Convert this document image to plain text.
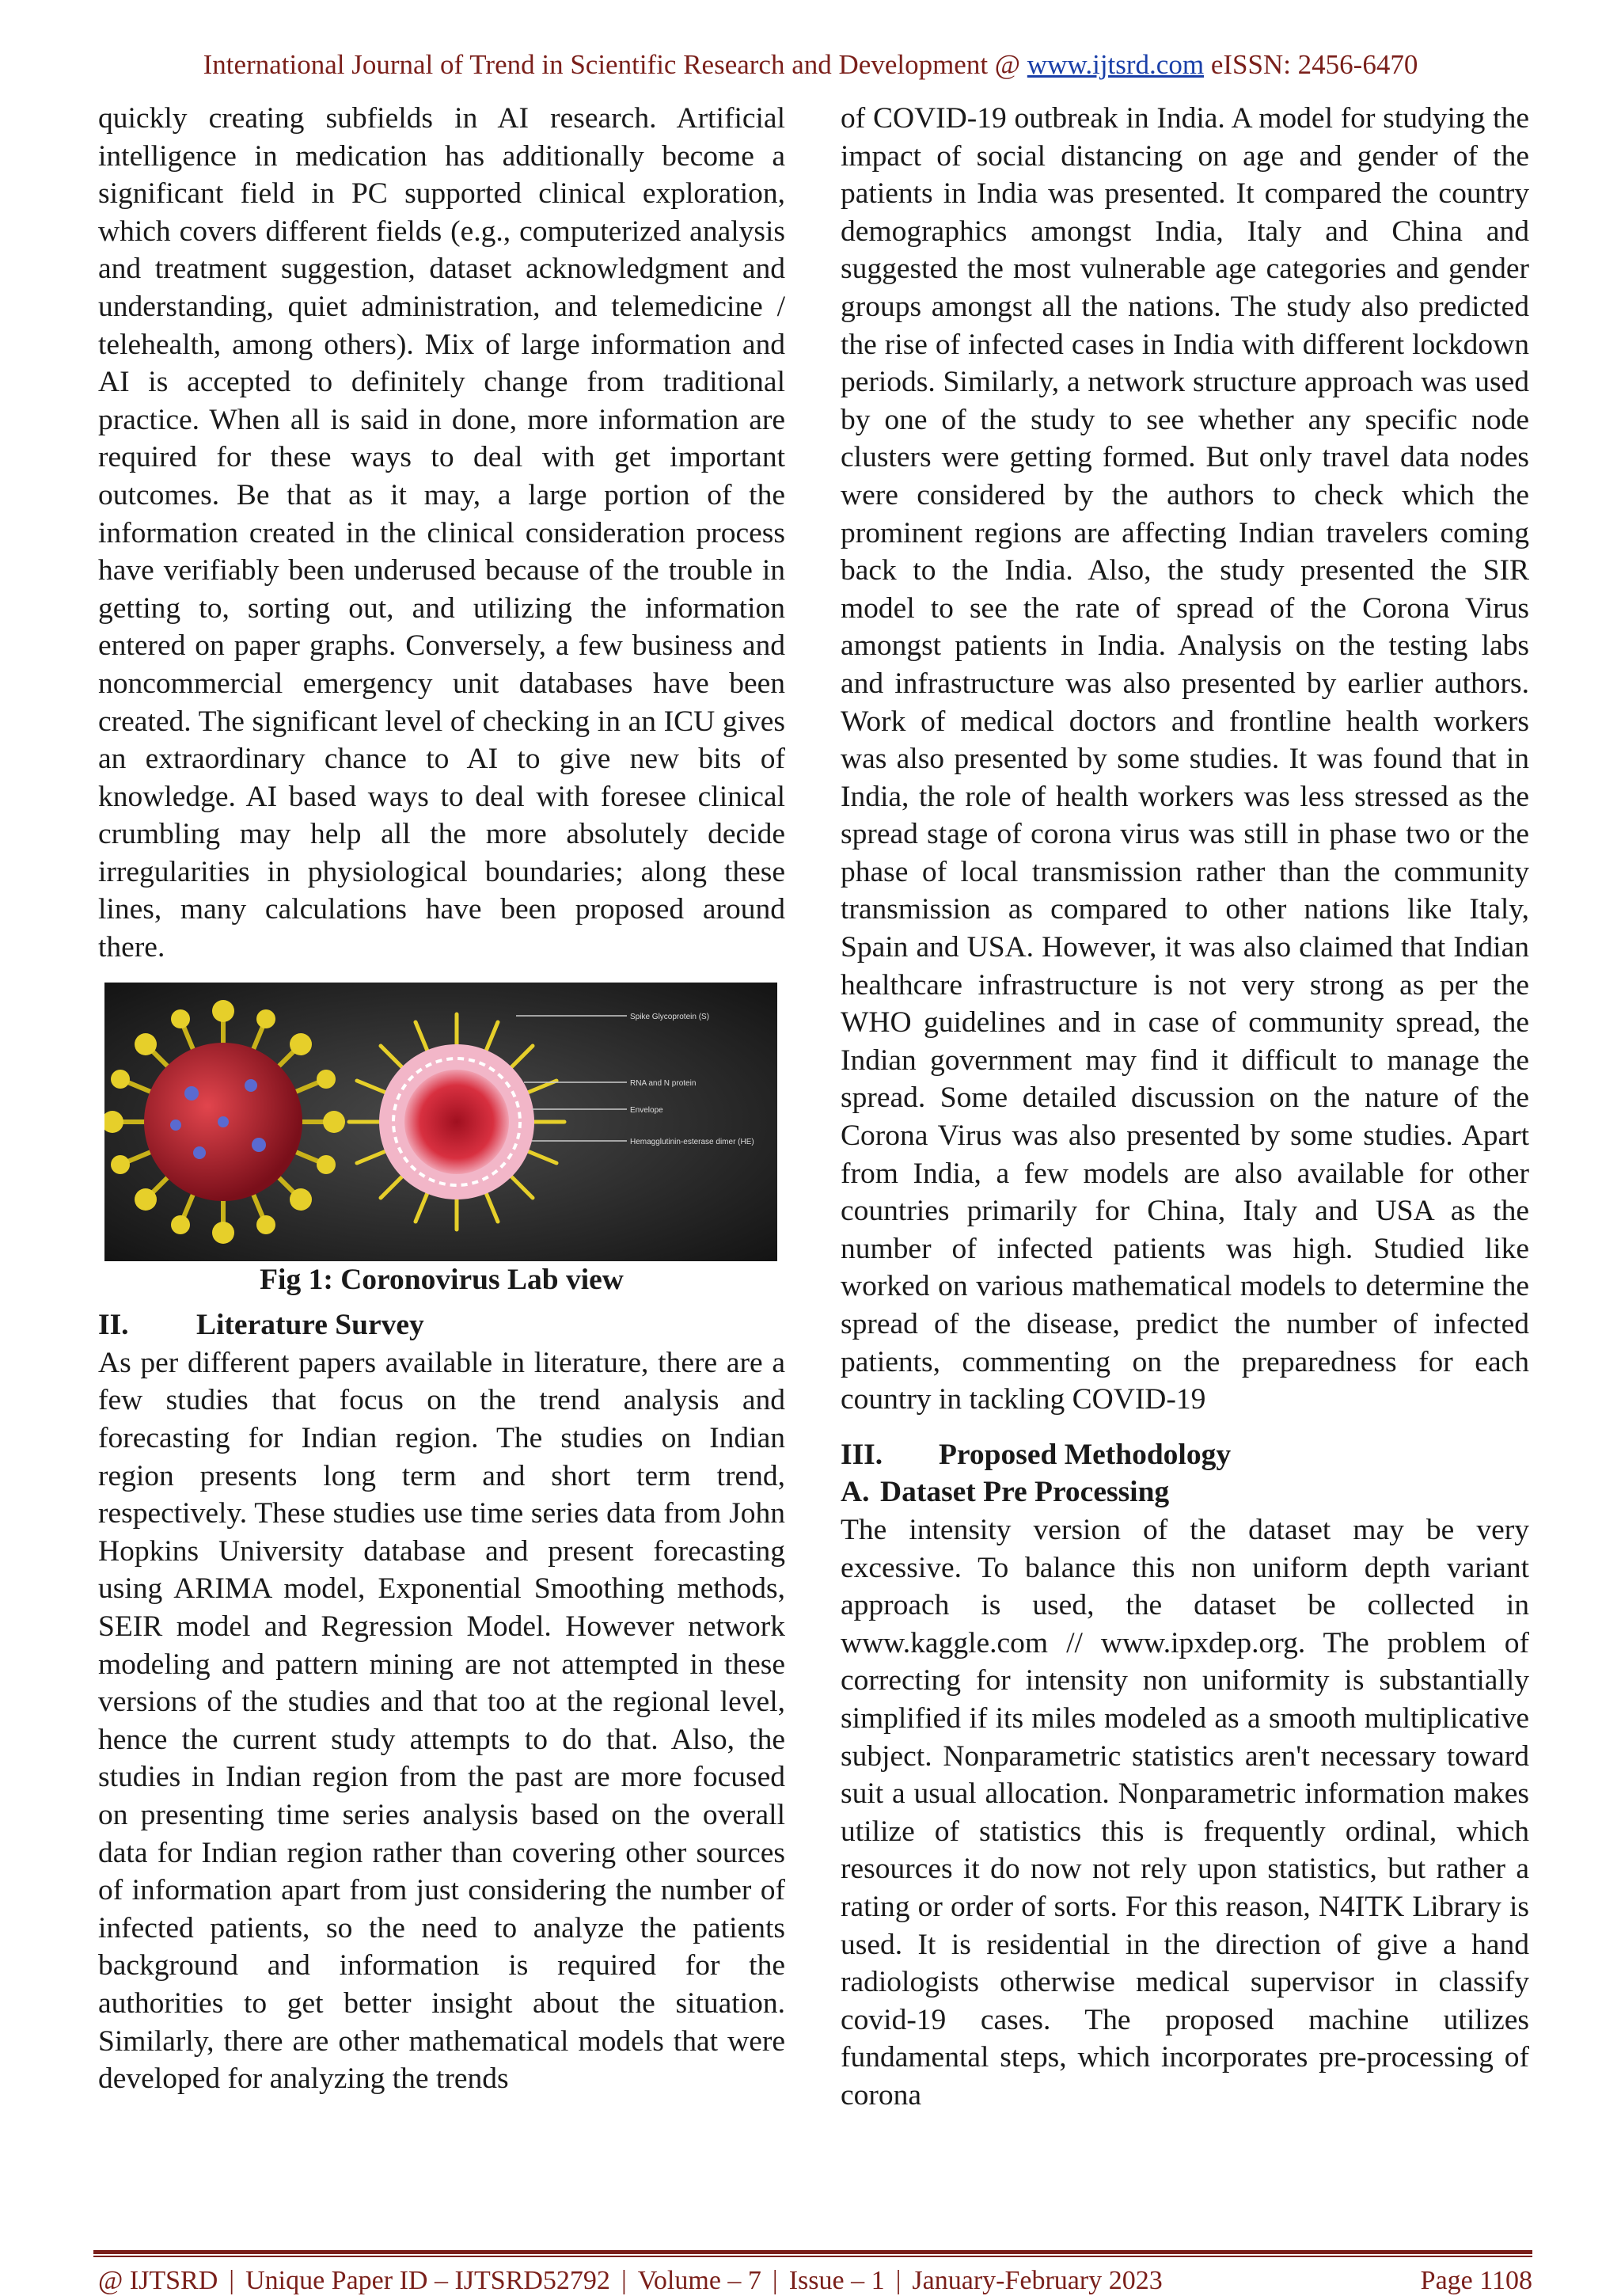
International Journal of Trend in Scientific Research and Development @ www.ijtsrd.com eISSN: 2456-6470

quickly creating subfields in AI research. Artificial intelligence in medication has additionally become a significant field in PC supported clinical exploration, which covers different fields (e.g., computerized analysis and treatment suggestion, dataset acknowledgment and understanding, quiet administration, and telemedicine / telehealth, among others). Mix of large information and AI is accepted to definitely change from traditional practice. When all is said in done, more information are required for these ways to deal with get important outcomes. Be that as it may, a large portion of the information created in the clinical consideration process have verifiably been underused because of the trouble in getting to, sorting out, and utilizing the information entered on paper graphs. Conversely, a few business and noncommercial emergency unit databases have been created. The significant level of checking in an ICU gives an extraordinary chance to AI to give new bits of knowledge. AI based ways to deal with foresee clinical crumbling may help all the more absolutely decide irregularities in physiological boundaries; along these lines, many calculations have been proposed around there.

Spike Glycoprotein (S)
RNA and N protein
Envelope
Hemagglutinin-esterase dimer (HE)
Fig 1: Coronovirus Lab view
II. Literature Survey

As per different papers available in literature, there are a few studies that focus on the trend analysis and forecasting for Indian region. The studies on Indian region presents long term and short term trend, respectively. These studies use time series data from John Hopkins University database and present forecasting using ARIMA model, Exponential Smoothing methods, SEIR model and Regression Model. However network modeling and pattern mining are not attempted in these versions of the studies and that too at the regional level, hence the current study attempts to do that. Also, the studies in Indian region from the past are more focused on presenting time series analysis based on the overall data for Indian region rather than covering other sources of information apart from just considering the number of infected patients, so the need to analyze the patients background and information is required for the authorities to get better insight about the situation. Similarly, there are other mathematical models that were developed for analyzing the trends

of COVID-19 outbreak in India. A model for studying the impact of social distancing on age and gender of the patients in India was presented. It compared the country demographics amongst India, Italy and China and suggested the most vulnerable age categories and gender groups amongst all the nations. The study also predicted the rise of infected cases in India with different lockdown periods. Similarly, a network structure approach was used by one of the study to see whether any specific node clusters were getting formed. But only travel data nodes were considered by the authors to check which the prominent regions are affecting Indian travelers coming back to the India. Also, the study presented the SIR model to see the rate of spread of the Corona Virus amongst patients in India. Analysis on the testing labs and infrastructure was also presented by earlier authors. Work of medical doctors and frontline health workers was also presented by some studies. It was found that in India, the role of health workers was less stressed as the spread stage of corona virus was still in phase two or the phase of local transmission rather than the community transmission as compared to other nations like Italy, Spain and USA. However, it was also claimed that Indian healthcare infrastructure is not very strong as per the WHO guidelines and in case of community spread, the Indian government may find it difficult to manage the spread. Some detailed discussion on the nature of the Corona Virus was also presented by some studies. Apart from India, a few models are also available for other countries primarily for China, Italy and USA as the number of infected patients was high. Studied like worked on various mathematical models to determine the spread of the disease, predict the number of infected patients, commenting on the preparedness for each country in tackling COVID-19

III. Proposed Methodology
A. Dataset Pre Processing

The intensity version of the dataset may be very excessive. To balance this non uniform depth variant approach is used, the dataset be collected in www.kaggle.com // www.ipxdep.org. The problem of correcting for intensity non uniformity is substantially simplified if its miles modeled as a smooth multiplicative subject. Nonparametric statistics aren't necessary toward suit a usual allocation. Nonparametric information makes utilize of statistics this is frequently ordinal, which resources it do now not rely upon statistics, but rather a rating or order of sorts. For this reason, N4ITK Library is used. It is residential in the direction of give a hand radiologists otherwise medical supervisor in classify covid-19 cases. The proposed machine utilizes fundamental steps, which incorporates pre-processing of corona

@ IJTSRD | Unique Paper ID – IJTSRD52792 | Volume – 7 | Issue – 1 | January-February 2023	Page 1108
